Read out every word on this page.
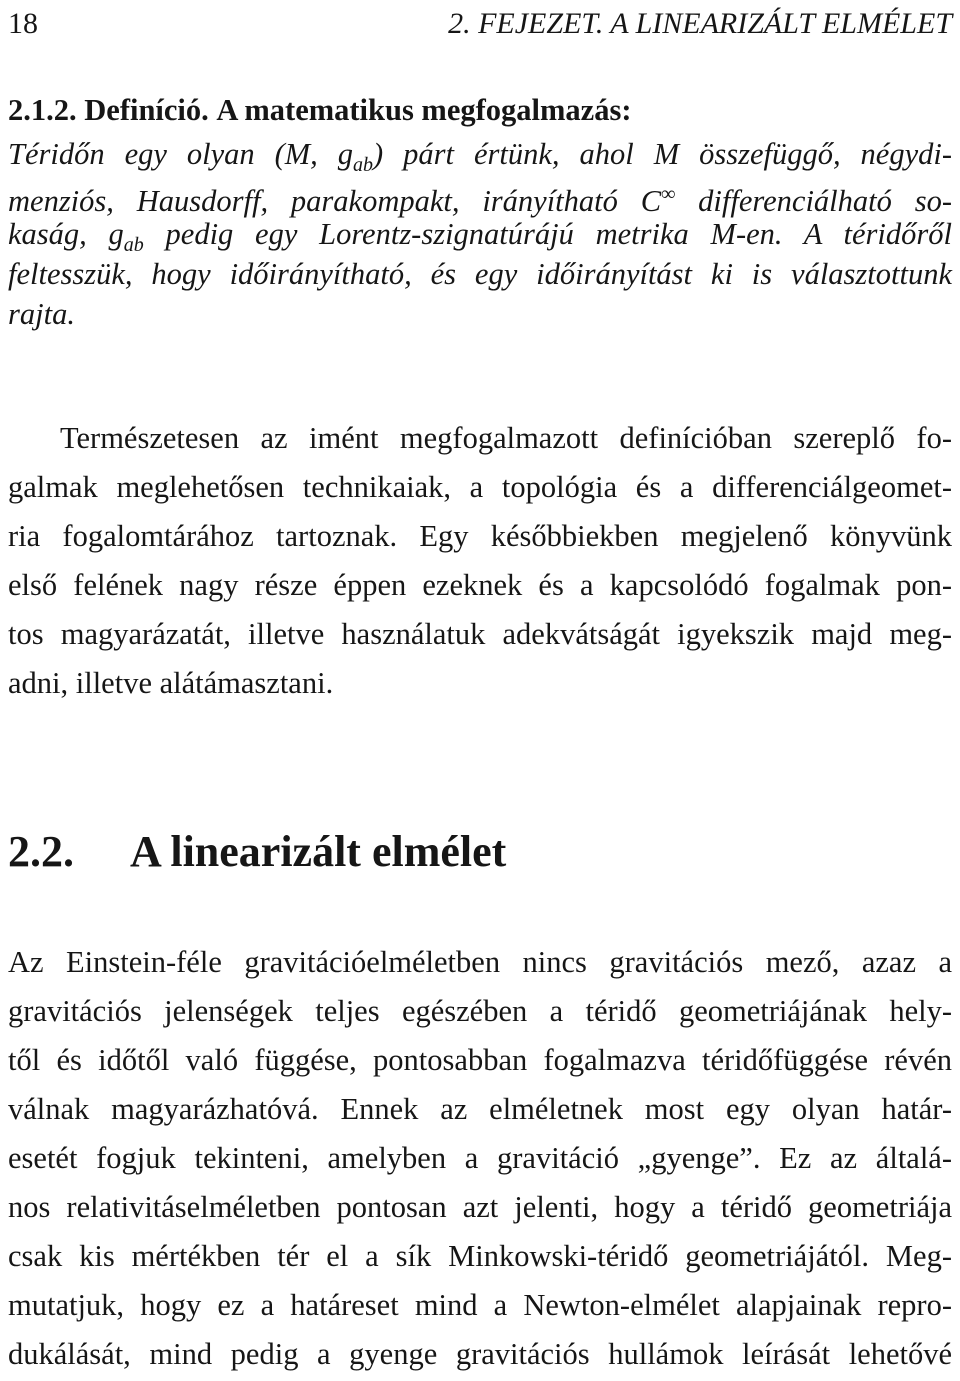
18	2. FEJEZET. A LINEARIZÁLT ELMÉLET
2.1.2. Definíció. A matematikus megfogalmazás:
Téridőn egy olyan (M, $g_{ab}$) párt értünk, ahol M összefüggő, négydi-
menziós, Hausdorff, parakompakt, irányítható C∞ differenciálható so-
kaság, $g_{ab}$ pedig egy Lorentz-szignatúrájú metrika M-en. A téridőről
feltesszük, hogy időirányítható, és egy időirányítást ki is választottunk
rajta.
Természetesen az imént megfogalmazott definícióban szereplő fo-
galmak meglehetősen technikaiak, a topológia és a differenciálgeomet-
ria fogalomtárához tartoznak. Egy későbbiekben megjelenő könyvünk
első felének nagy része éppen ezeknek és a kapcsolódó fogalmak pon-
tos magyarázatát, illetve használatuk adekvátságát igyekszik majd meg-
adni, illetve alátámasztani.
2.2. A linearizált elmélet
Az Einstein-féle gravitációelméletben nincs gravitációs mező, azaz a
gravitációs jelenségek teljes egészében a téridő geometriájának hely-
től és időtől való függése, pontosabban fogalmazva téridőfüggése révén
válnak magyarázhatóvá. Ennek az elméletnek most egy olyan határ-
esetét fogjuk tekinteni, amelyben a gravitáció „gyenge”. Ez az általá-
nos relativitáselméletben pontosan azt jelenti, hogy a téridő geometriája
csak kis mértékben tér el a sík Minkowski-téridő geometriájától. Meg-
mutatjuk, hogy ez a határeset mind a Newton-elmélet alapjainak repro-
dukálását, mind pedig a gyenge gravitációs hullámok leírását lehetővé
